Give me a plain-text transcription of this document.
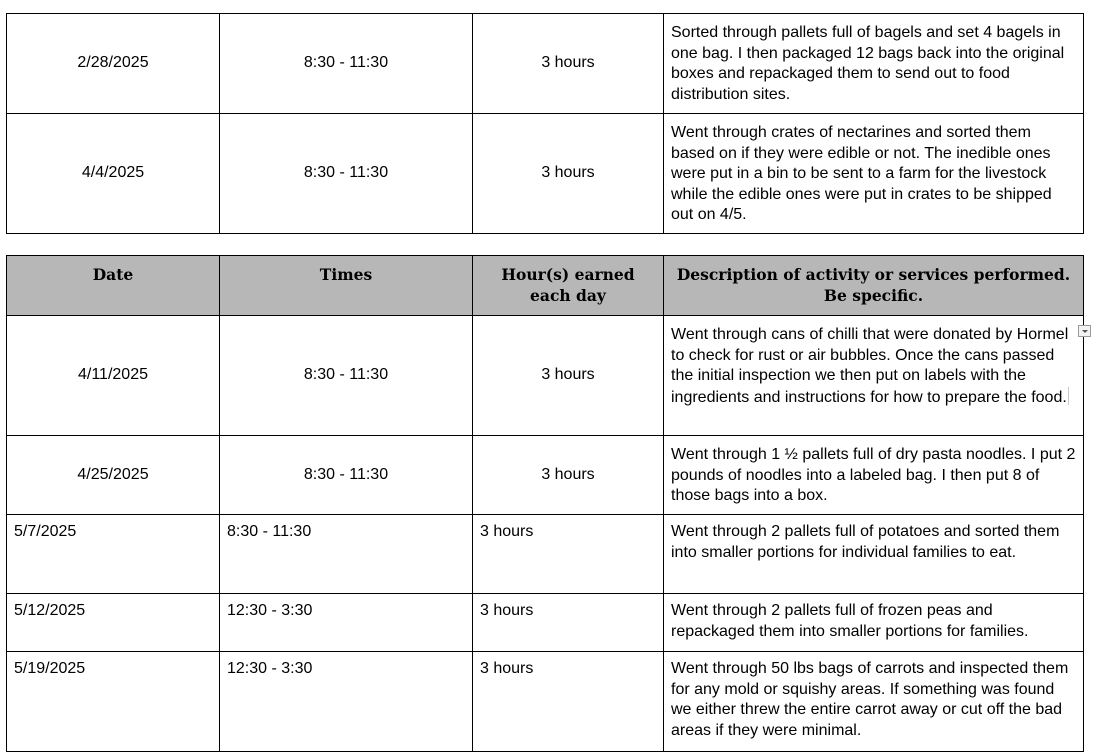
2/28/2025	8:30 - 11:30	3 hours	Sorted through pallets full of bagels and set 4 bagels in one bag. I then packaged 12 bags back into the original boxes and repackaged them to send out to food distribution sites.
4/4/2025	8:30 - 11:30	3 hours	Went through crates of nectarines and sorted them based on if they were edible or not. The inedible ones were put in a bin to be sent to a farm for the livestock while the edible ones were put in crates to be shipped out on 4/5.
Date	Times	Hour(s) earned each day	Description of activity or services performed. Be specific.
4/11/2025	8:30 - 11:30	3 hours	Went through cans of chilli that were donated by Hormel to check for rust or air bubbles. Once the cans passed the initial inspection we then put on labels with the ingredients and instructions for how to prepare the food.

4/25/2025	8:30 - 11:30	3 hours	Went through 1 ½ pallets full of dry pasta noodles. I put 2 pounds of noodles into a labeled bag. I then put 8 of those bags into a box.
5/7/2025	8:30 - 11:30	3 hours	Went through 2 pallets full of potatoes and sorted them into smaller portions for individual families to eat.
5/12/2025	12:30 - 3:30	3 hours	Went through 2 pallets full of frozen peas and repackaged them into smaller portions for families.
5/19/2025	12:30 - 3:30	3 hours	Went through 50 lbs bags of carrots and inspected them for any mold or squishy areas. If something was found we either threw the entire carrot away or cut off the bad areas if they were minimal.
